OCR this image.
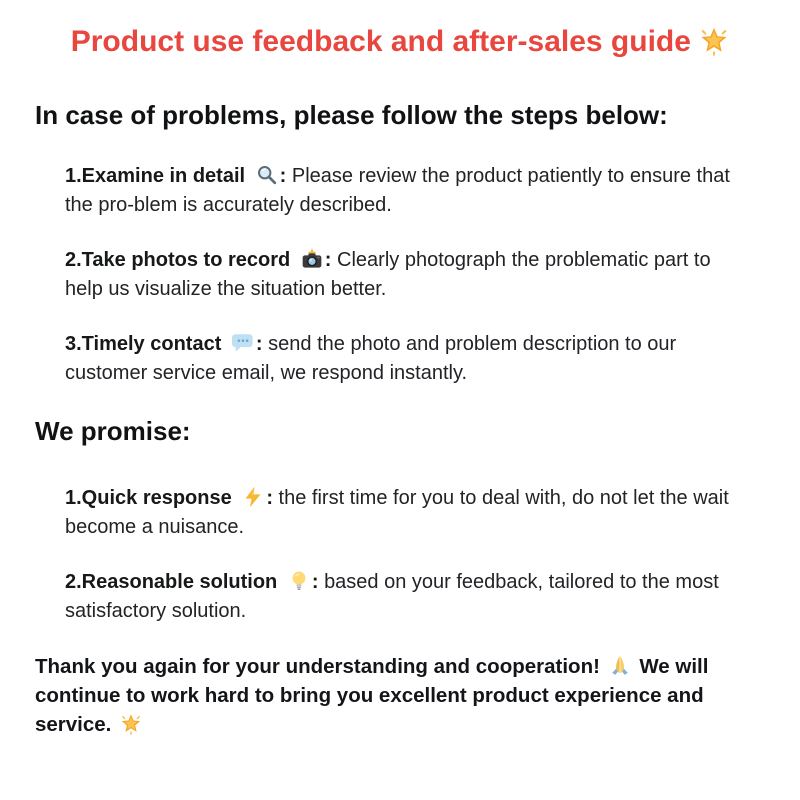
Product use feedback and after-sales guide
In case of problems, please follow the steps below:

1.Examine in detail : Please review the product patiently to ensure that the pro-blem is accurately described.

2.Take photos to record : Clearly photograph the problematic part to help us visualize the situation better.

3.Timely contact : send the photo and problem description to our customer service email, we respond instantly.

We promise:

1.Quick response : the first time for you to deal with, do not let the wait become a nuisance.

2.Reasonable solution : based on your feedback, tailored to the most satisfactory solution.

Thank you again for your understanding and cooperation! We will continue to work hard to bring you excellent product experience and service.
